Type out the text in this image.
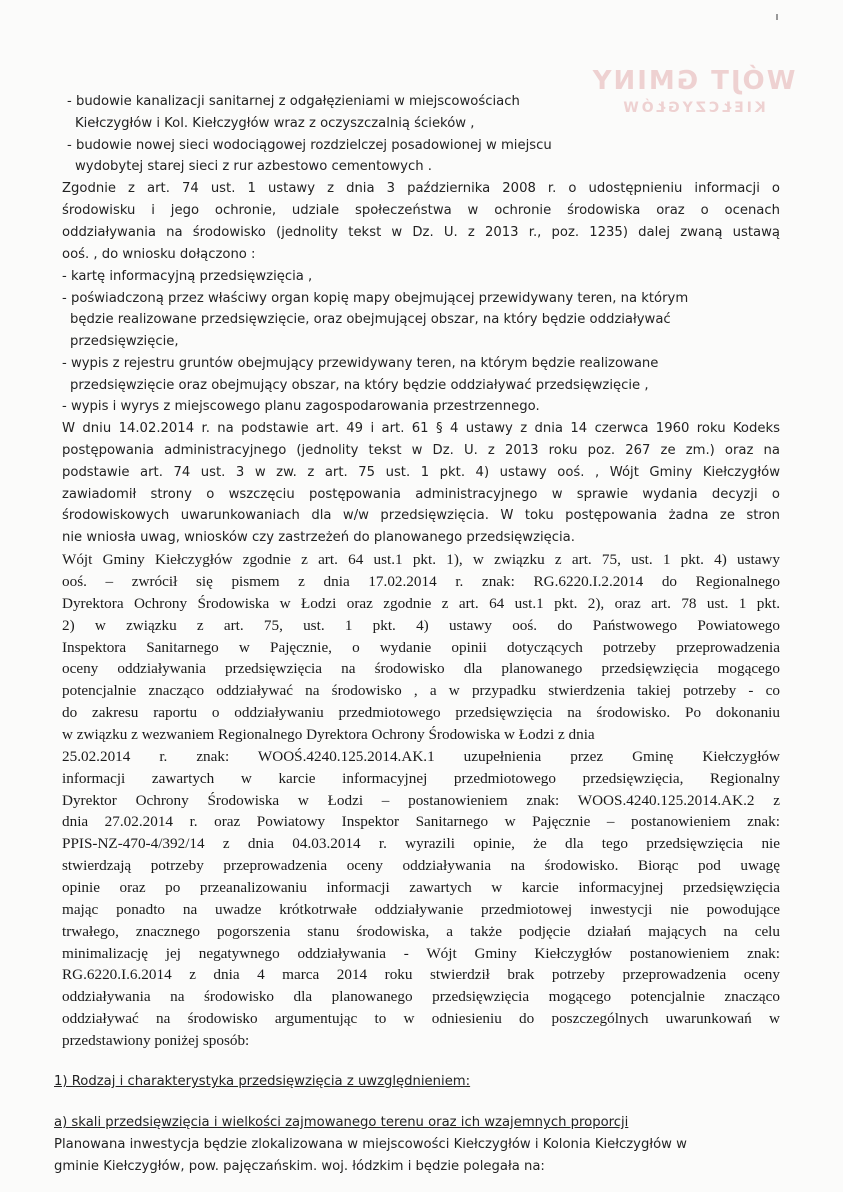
WÓJT GMINY
KIEŁCZYGŁÓW
- budowie kanalizacji sanitarnej z odgałęzieniami w miejscowościach
Kiełczygłów i Kol. Kiełczygłów wraz z oczyszczalnią ścieków ,
- budowie nowej sieci wodociągowej rozdzielczej posadowionej w miejscu
wydobytej starej sieci z rur azbestowo cementowych .
Zgodnie z art. 74 ust. 1 ustawy z dnia 3 października 2008 r. o udostępnieniu informacji o
środowisku i jego ochronie, udziale społeczeństwa w ochronie środowiska oraz o ocenach
oddziaływania na środowisko (jednolity tekst w Dz. U. z 2013 r., poz. 1235) dalej zwaną ustawą
ooś. , do wniosku dołączono :
- kartę informacyjną przedsięwzięcia ,
- poświadczoną przez właściwy organ kopię mapy obejmującej przewidywany teren, na którym
będzie realizowane przedsięwzięcie, oraz obejmującej obszar, na który będzie oddziaływać
przedsięwzięcie,
- wypis z rejestru gruntów obejmujący przewidywany teren, na którym będzie realizowane
przedsięwzięcie oraz obejmujący obszar, na który będzie oddziaływać przedsięwzięcie ,
- wypis i wyrys z miejscowego planu zagospodarowania przestrzennego.
W dniu 14.02.2014 r. na podstawie art. 49 i art. 61 § 4 ustawy z dnia 14 czerwca 1960 roku Kodeks
postępowania administracyjnego (jednolity tekst w Dz. U. z 2013 roku poz. 267 ze zm.) oraz na
podstawie art. 74 ust. 3 w zw. z art. 75 ust. 1 pkt. 4) ustawy ooś. , Wójt Gminy Kiełczygłów
zawiadomił strony o wszczęciu postępowania administracyjnego w sprawie wydania decyzji o
środowiskowych uwarunkowaniach dla w/w przedsięwzięcia. W toku postępowania żadna ze stron
nie wniosła uwag, wniosków czy zastrzeżeń do planowanego przedsięwzięcia.
Wójt Gminy Kiełczygłów zgodnie z art. 64 ust.1 pkt. 1), w związku z art. 75, ust. 1 pkt. 4) ustawy
ooś. – zwrócił się pismem z dnia 17.02.2014 r. znak: RG.6220.I.2.2014 do Regionalnego
Dyrektora Ochrony Środowiska w Łodzi oraz zgodnie z art. 64 ust.1 pkt. 2), oraz art. 78 ust. 1 pkt.
2) w związku z art. 75, ust. 1 pkt. 4) ustawy ooś. do Państwowego Powiatowego
Inspektora Sanitarnego w Pajęcznie, o wydanie opinii dotyczących potrzeby przeprowadzenia
oceny oddziaływania przedsięwzięcia na środowisko dla planowanego przedsięwzięcia mogącego
potencjalnie znacząco oddziaływać na środowisko , a w przypadku stwierdzenia takiej potrzeby - co
do zakresu raportu o oddziaływaniu przedmiotowego przedsięwzięcia na środowisko. Po dokonaniu
w związku z wezwaniem Regionalnego Dyrektora Ochrony Środowiska w Łodzi z dnia
25.02.2014 r. znak: WOOŚ.4240.125.2014.AK.1 uzupełnienia przez Gminę Kiełczygłów
informacji zawartych w karcie informacyjnej przedmiotowego przedsięwzięcia, Regionalny
Dyrektor Ochrony Środowiska w Łodzi – postanowieniem znak: WOOS.4240.125.2014.AK.2 z
dnia 27.02.2014 r. oraz Powiatowy Inspektor Sanitarnego w Pajęcznie – postanowieniem znak:
PPIS-NZ-470-4/392/14 z dnia 04.03.2014 r. wyrazili opinie, że dla tego przedsięwzięcia nie
stwierdzają potrzeby przeprowadzenia oceny oddziaływania na środowisko. Biorąc pod uwagę
opinie oraz po przeanalizowaniu informacji zawartych w karcie informacyjnej przedsięwzięcia
mając ponadto na uwadze krótkotrwałe oddziaływanie przedmiotowej inwestycji nie powodujące
trwałego, znacznego pogorszenia stanu środowiska, a także podjęcie działań mających na celu
minimalizację jej negatywnego oddziaływania - Wójt Gminy Kiełczygłów postanowieniem znak:
RG.6220.I.6.2014 z dnia 4 marca 2014 roku stwierdził brak potrzeby przeprowadzenia oceny
oddziaływania na środowisko dla planowanego przedsięwzięcia mogącego potencjalnie znacząco
oddziaływać na środowisko argumentując to w odniesieniu do poszczególnych uwarunkowań w
przedstawiony poniżej sposób:
1) Rodzaj i charakterystyka przedsięwzięcia z uwzględnieniem:
a) skali przedsięwzięcia i wielkości zajmowanego terenu oraz ich wzajemnych proporcji
Planowana inwestycja będzie zlokalizowana w miejscowości Kiełczygłów i Kolonia Kiełczygłów w
gminie Kiełczygłów, pow. pajęczańskim. woj. łódzkim i będzie polegała na:
